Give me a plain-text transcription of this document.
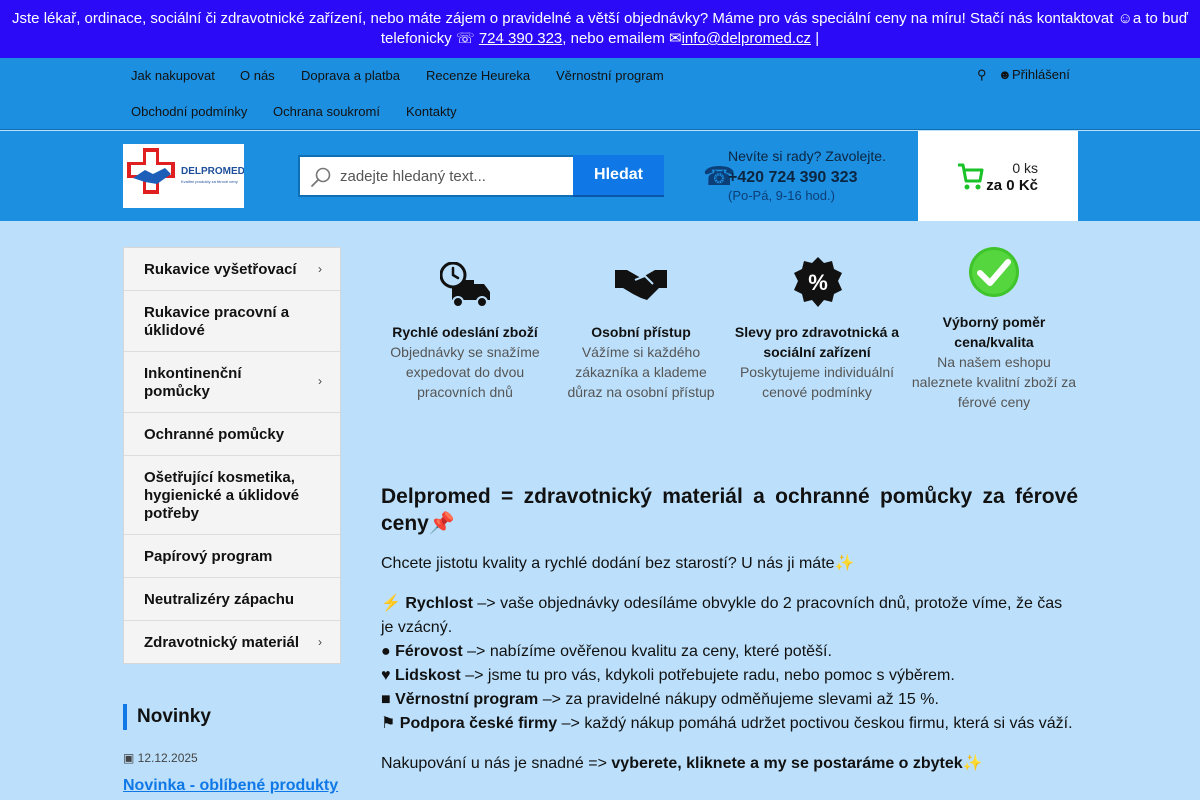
Jste lékař, ordinace, sociální či zdravotnické zařízení, nebo máte zájem o pravidelné a větší objednávky? Máme pro vás speciální ceny na míru! Stačí nás kontaktovat ☺a to buď telefonicky ☏ 724 390 323, nebo emailem ✉info@delpromed.cz |
Jak nakupovat O nás Doprava a platba Recenze Heureka Věrnostní program
Obchodní podmínky Ochrana soukromí Kontakty
⚲ ☻ Přihlášení
DELPROMED
Kvalitní produkty za férové ceny
zadejte hledaný text...	Hledat	☎
Nevíte si rady? Zavolejte.
+420 724 390 323
(Po-Pá, 9-16 hod.)
0 ks
za 0 Kč
Rukavice vyšetřovací	›
Rukavice pracovní a úklidové
Inkontinenční pomůcky
›
Ochranné pomůcky
Ošetřující kosmetika, hygienické a úklidové potřeby
Papírový program
Neutralizéry zápachu
Zdravotnický materiál	›
Novinky
▣ 12.12.2025
Novinka - oblíbené produkty
%
Rychlé odeslání zboží
Objednávky se snažíme expedovat do dvou pracovních dnů
Osobní přístup
Vážíme si každého zákazníka a klademe důraz na osobní přístup
Slevy pro zdravotnická a sociální zařízení
Poskytujeme individuální cenové podmínky
Výborný poměr cena/kvalita
Na našem eshopu naleznete kvalitní zboží za férové ceny
Delpromed = zdravotnický materiál a ochranné pomůcky za férové ceny📌

Chcete jistotu kvality a rychlé dodání bez starostí? U nás ji máte✨

⚡ Rychlost –> vaše objednávky odesíláme obvykle do 2 pracovních dnů, protože víme, že čas je vzácný.
● Férovost –> nabízíme ověřenou kvalitu za ceny, které potěší.
♥ Lidskost –> jsme tu pro vás, kdykoli potřebujete radu, nebo pomoc s výběrem.
■ Věrnostní program –> za pravidelné nákupy odměňujeme slevami až 15 %.
⚑ Podpora české firmy –> každý nákup pomáhá udržet poctivou českou firmu, která si vás váží.

Nakupování u nás je snadné => vyberete, kliknete a my se postaráme o zbytek✨
